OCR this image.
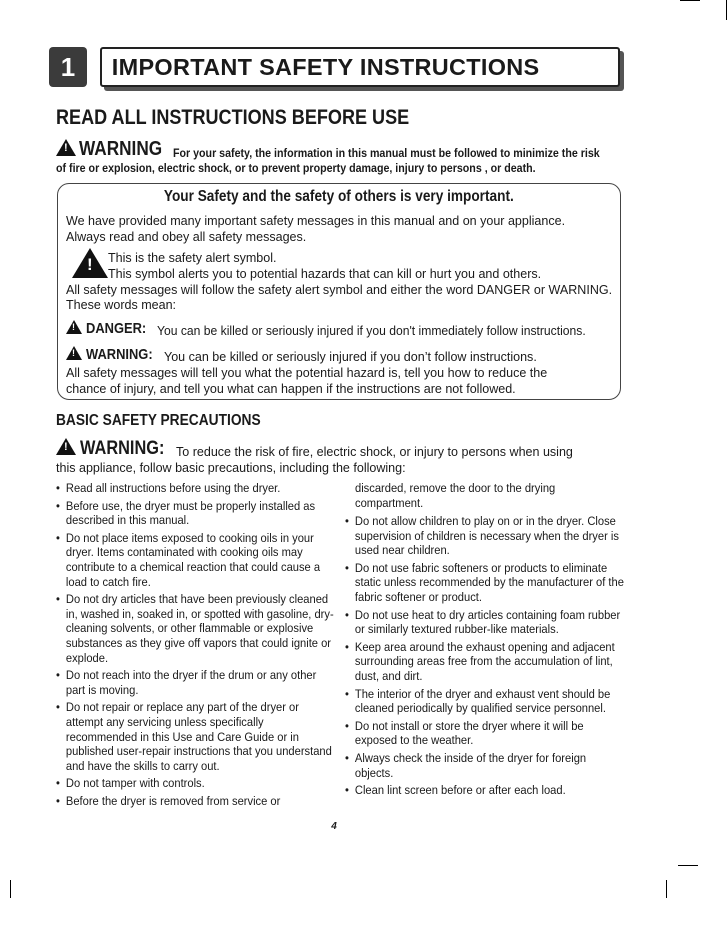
1	IMPORTANT SAFETY INSTRUCTIONS
READ ALL INSTRUCTIONS BEFORE USE
! WARNING For your safety, the information in this manual must be followed to minimize the risk
of fire or explosion, electric shock, or to prevent property damage, injury to persons , or death.
Your Safety and the safety of others is very important.
We have provided many important safety messages in this manual and on your appliance.
Always read and obey all safety messages.
!
This is the safety alert symbol.
This symbol alerts you to potential hazards that can kill or hurt you and others.
All safety messages will follow the safety alert symbol and either the word DANGER or WARNING.
These words mean:
! DANGER: You can be killed or seriously injured if you don't immediately follow instructions.
! WARNING: You can be killed or seriously injured if you don’t follow instructions.
All safety messages will tell you what the potential hazard is, tell you how to reduce the
chance of injury, and tell you what can happen if the instructions are not followed.
BASIC SAFETY PRECAUTIONS
! WARNING: To reduce the risk of fire, electric shock, or injury to persons when using
this appliance, follow basic precautions, including the following:
• Read all instructions before using the dryer.
• Before use, the dryer must be properly installed as described in this manual.
• Do not place items exposed to cooking oils in your dryer. Items contaminated with cooking oils may contribute to a chemical reaction that could cause a load to catch fire.
• Do not dry articles that have been previously cleaned in, washed in, soaked in, or spotted with gasoline, dry-cleaning solvents, or other flammable or explosive substances as they give off vapors that could ignite or explode.
• Do not reach into the dryer if the drum or any other part is moving.
• Do not repair or replace any part of the dryer or attempt any servicing unless specifically recommended in this Use and Care Guide or in published user-repair instructions that you understand and have the skills to carry out.
• Do not tamper with controls.
• Before the dryer is removed from service or
discarded, remove the door to the drying compartment.
• Do not allow children to play on or in the dryer. Close supervision of children is necessary when the dryer is used near children.
• Do not use fabric softeners or products to eliminate static unless recommended by the manufacturer of the fabric softener or product.
• Do not use heat to dry articles containing foam rubber or similarly textured rubber-like materials.
• Keep area around the exhaust opening and adjacent surrounding areas free from the accumulation of lint, dust, and dirt.
• The interior of the dryer and exhaust vent should be cleaned periodically by qualified service personnel.
• Do not install or store the dryer where it will be exposed to the weather.
• Always check the inside of the dryer for foreign objects.
• Clean lint screen before or after each load.
4
